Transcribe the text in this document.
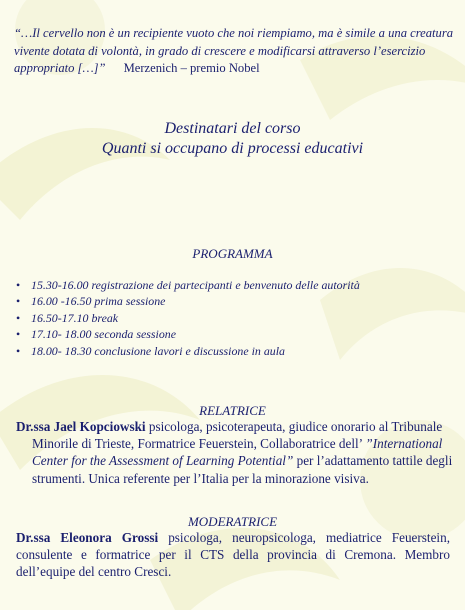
“…Il cervello non è un recipiente vuoto che noi riempiamo, ma è simile a una creatura vivente dotata di volontà, in grado di crescere e modificarsi attraverso l’esercizio appropriato […]” Merzenich – premio Nobel
Destinatari del corso
Quanti si occupano di processi educativi
PROGRAMMA
• 15.30-16.00 registrazione dei partecipanti e benvenuto delle autorità
• 16.00 -16.50 prima sessione
• 16.50-17.10 break
• 17.10- 18.00 seconda sessione
• 18.00- 18.30 conclusione lavori e discussione in aula
RELATRICE
Dr.ssa Jael Kopciowski psicologa, psicoterapeuta, giudice onorario al Tribunale Minorile di Trieste, Formatrice Feuerstein, Collaboratrice dell’ ”International Center for the Assessment of Learning Potential” per l’adattamento tattile degli strumenti. Unica referente per l’Italia per la minorazione visiva.
MODERATRICE
Dr.ssa Eleonora Grossi psicologa, neuropsicologa, mediatrice Feuerstein, consulente e formatrice per il CTS della provincia di Cremona. Membro dell’equipe del centro Cresci.
